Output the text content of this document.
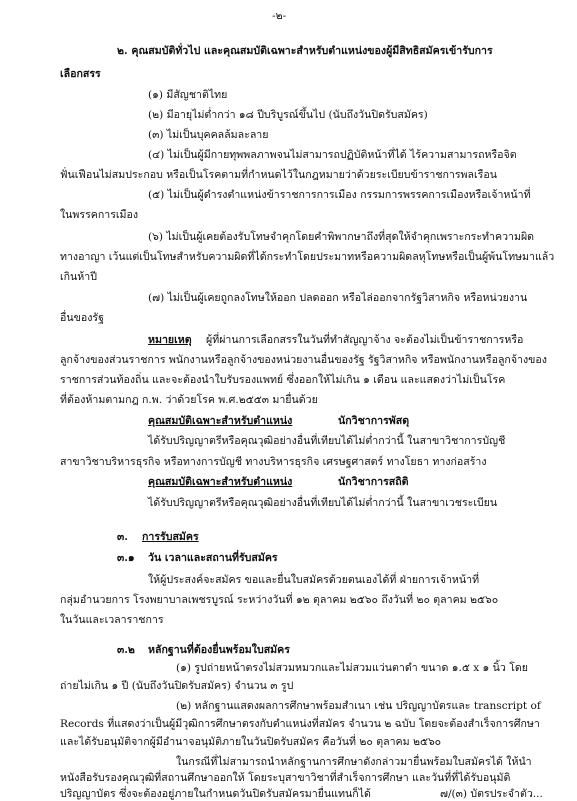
-๒-
๒. คุณสมบัติทั่วไป และคุณสมบัติเฉพาะสำหรับตำแหน่งของผู้มีสิทธิสมัครเข้ารับการ
เลือกสรร
(๑) มีสัญชาติไทย
(๒) มีอายุไม่ต่ำกว่า ๑๘ ปีบริบูรณ์ขึ้นไป (นับถึงวันปิดรับสมัคร)
(๓) ไม่เป็นบุคคลล้มละลาย
(๔) ไม่เป็นผู้มีกายทุพพลภาพจนไม่สามารถปฏิบัติหน้าที่ได้ ไร้ความสามารถหรือจิต
ฟั่นเฟือนไม่สมประกอบ หรือเป็นโรคตามที่กำหนดไว้ในกฎหมายว่าด้วยระเบียบข้าราชการพลเรือน
(๕) ไม่เป็นผู้ดำรงตำแหน่งข้าราชการการเมือง กรรมการพรรคการเมืองหรือเจ้าหน้าที่
ในพรรคการเมือง
(๖) ไม่เป็นผู้เคยต้องรับโทษจำคุกโดยคำพิพากษาถึงที่สุดให้จำคุกเพราะกระทำความผิด
ทางอาญา เว้นแต่เป็นโทษสำหรับความผิดที่ได้กระทำโดยประมาทหรือความผิดลหุโทษหรือเป็นผู้พ้นโทษมาแล้ว
เกินห้าปี
(๗) ไม่เป็นผู้เคยถูกลงโทษให้ออก ปลดออก หรือไล่ออกจากรัฐวิสาหกิจ หรือหน่วยงาน
อื่นของรัฐ
หมายเหตุ ผู้ที่ผ่านการเลือกสรรในวันที่ทำสัญญาจ้าง จะต้องไม่เป็นข้าราชการหรือ
ลูกจ้างของส่วนราชการ พนักงานหรือลูกจ้างของหน่วยงานอื่นของรัฐ รัฐวิสาหกิจ หรือพนักงานหรือลูกจ้างของ
ราชการส่วนท้องถิ่น และจะต้องนำใบรับรองแพทย์ ซึ่งออกให้ไม่เกิน ๑ เดือน และแสดงว่าไม่เป็นโรค
ที่ต้องห้ามตามกฎ ก.พ. ว่าด้วยโรค พ.ศ.๒๕๕๓ มายื่นด้วย
คุณสมบัติเฉพาะสำหรับตำแหน่ง	นักวิชาการพัสดุ
ได้รับปริญญาตรีหรือคุณวุฒิอย่างอื่นที่เทียบได้ไม่ต่ำกว่านี้ ในสาขาวิชาการบัญชี
สาขาวิชาบริหารธุรกิจ หรือทางการบัญชี ทางบริหารธุรกิจ เศรษฐศาสตร์ ทางโยธา ทางก่อสร้าง
คุณสมบัติเฉพาะสำหรับตำแหน่ง	นักวิชาการสถิติ
ได้รับปริญญาตรีหรือคุณวุฒิอย่างอื่นที่เทียบได้ไม่ต่ำกว่านี้ ในสาขาเวชระเบียน
๓. การรับสมัคร
๓.๑ วัน เวลาและสถานที่รับสมัคร
ให้ผู้ประสงค์จะสมัคร ขอและยื่นใบสมัครด้วยตนเองได้ที่ ฝ่ายการเจ้าหน้าที่
กลุ่มอำนวยการ โรงพยาบาลเพชรบูรณ์ ระหว่างวันที่ ๑๒ ตุลาคม ๒๕๖๐ ถึงวันที่ ๒๐ ตุลาคม ๒๕๖๐
ในวันและเวลาราชการ
๓.๒ หลักฐานที่ต้องยื่นพร้อมใบสมัคร
(๑) รูปถ่ายหน้าตรงไม่สวมหมวกและไม่สวมแว่นตาดำ ขนาด ๑.๕ x ๑ นิ้ว โดย
ถ่ายไม่เกิน ๑ ปี (นับถึงวันปิดรับสมัคร) จำนวน ๓ รูป
(๒) หลักฐานแสดงผลการศึกษาพร้อมสำเนา เช่น ปริญญาบัตรและ transcript of
Records ที่แสดงว่าเป็นผู้มีวุฒิการศึกษาตรงกับตำแหน่งที่สมัคร จำนวน ๒ ฉบับ โดยจะต้องสำเร็จการศึกษา
และได้รับอนุมัติจากผู้มีอำนาจอนุมัติภายในวันปิดรับสมัคร คือวันที่ ๒๐ ตุลาคม ๒๕๖๐
ในกรณีที่ไม่สามารถนำหลักฐานการศึกษาดังกล่าวมายื่นพร้อมใบสมัครได้ ให้นำ
หนังสือรับรองคุณวุฒิที่สถานศึกษาออกให้ โดยระบุสาขาวิชาที่สำเร็จการศึกษา และวันที่ที่ได้รับอนุมัติ
ปริญญาบัตร ซึ่งจะต้องอยู่ภายในกำหนดวันปิดรับสมัครมายื่นแทนก็ได้	๗/(๓) บัตรประจำตัว...
